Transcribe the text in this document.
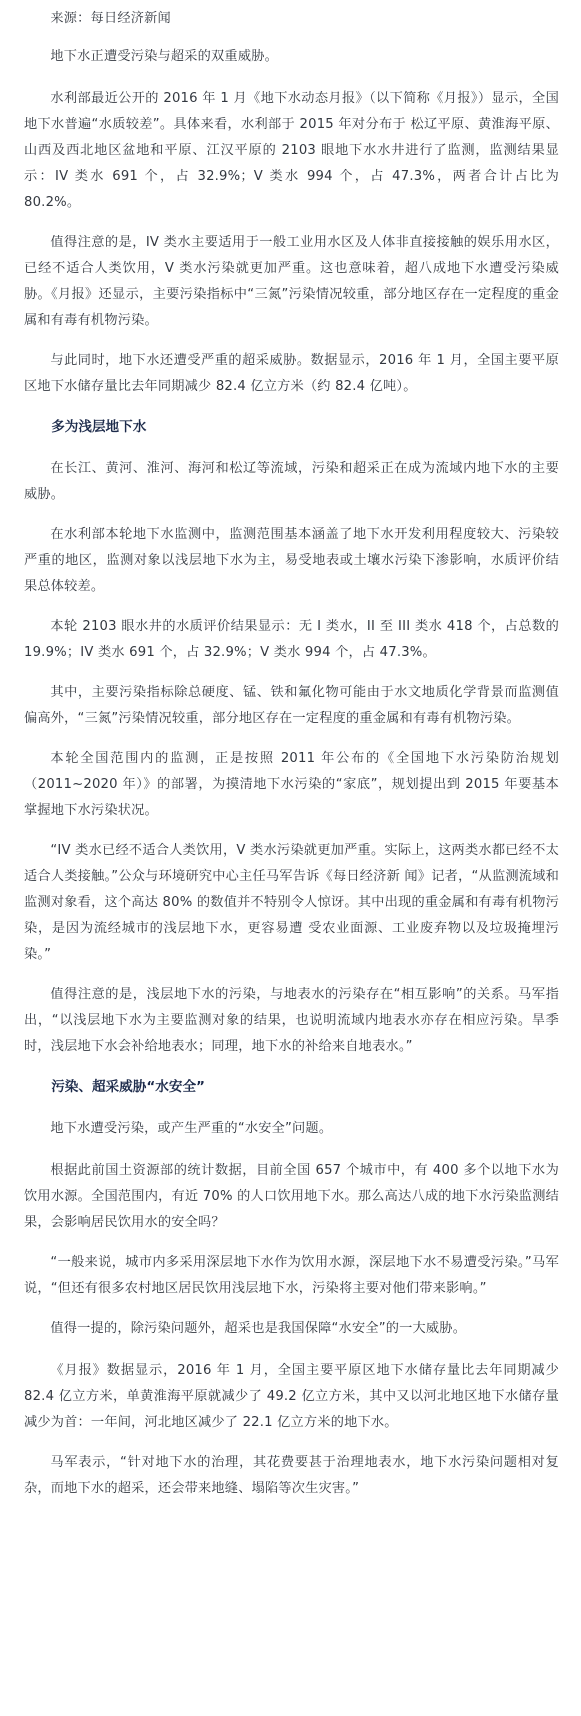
来源：每日经济新闻

地下水正遭受污染与超采的双重威胁。

水利部最近公开的 2016 年 1 月《地下水动态月报》（以下简称《月报》）显示，全国地下水普遍“水质较差”。具体来看，水利部于 2015 年对分布于 松辽平原、黄淮海平原、山西及西北地区盆地和平原、江汉平原的 2103 眼地下水水井进行了监测，监测结果显示：IV 类水 691 个，占 32.9%；V 类水 994 个，占 47.3%，两者合计占比为 80.2%。

值得注意的是，IV 类水主要适用于一般工业用水区及人体非直接接触的娱乐用水区，已经不适合人类饮用，V 类水污染就更加严重。这也意味着，超八成地下水遭受污染威胁。《月报》还显示，主要污染指标中“三氮”污染情况较重，部分地区存在一定程度的重金属和有毒有机物污染。

与此同时，地下水还遭受严重的超采威胁。数据显示，2016 年 1 月，全国主要平原区地下水储存量比去年同期减少 82.4 亿立方米（约 82.4 亿吨）。

多为浅层地下水

在长江、黄河、淮河、海河和松辽等流域，污染和超采正在成为流域内地下水的主要威胁。

在水利部本轮地下水监测中，监测范围基本涵盖了地下水开发利用程度较大、污染较严重的地区，监测对象以浅层地下水为主，易受地表或土壤水污染下渗影响，水质评价结果总体较差。

本轮 2103 眼水井的水质评价结果显示：无 I 类水，II 至 III 类水 418 个，占总数的 19.9%；IV 类水 691 个，占 32.9%；V 类水 994 个，占 47.3%。

其中，主要污染指标除总硬度、锰、铁和氟化物可能由于水文地质化学背景而监测值偏高外，“三氮”污染情况较重，部分地区存在一定程度的重金属和有毒有机物污染。

本轮全国范围内的监测，正是按照 2011 年公布的《全国地下水污染防治规划（2011~2020 年）》的部署，为摸清地下水污染的“家底”，规划提出到 2015 年要基本掌握地下水污染状况。

“IV 类水已经不适合人类饮用，V 类水污染就更加严重。实际上，这两类水都已经不太适合人类接触。”公众与环境研究中心主任马军告诉《每日经济新 闻》记者，“从监测流域和监测对象看，这个高达 80% 的数值并不特别令人惊讶。其中出现的重金属和有毒有机物污染，是因为流经城市的浅层地下水，更容易遭 受农业面源、工业废弃物以及垃圾掩埋污染。”

值得注意的是，浅层地下水的污染，与地表水的污染存在“相互影响”的关系。马军指出，“以浅层地下水为主要监测对象的结果，也说明流域内地表水亦存在相应污染。旱季时，浅层地下水会补给地表水；同理，地下水的补给来自地表水。”

污染、超采威胁“水安全”

地下水遭受污染，或产生严重的“水安全”问题。

根据此前国土资源部的统计数据，目前全国 657 个城市中，有 400 多个以地下水为饮用水源。全国范围内，有近 70% 的人口饮用地下水。那么高达八成的地下水污染监测结果，会影响居民饮用水的安全吗？

“一般来说，城市内多采用深层地下水作为饮用水源，深层地下水不易遭受污染。”马军说，“但还有很多农村地区居民饮用浅层地下水，污染将主要对他们带来影响。”

值得一提的，除污染问题外，超采也是我国保障“水安全”的一大威胁。

《月报》数据显示，2016 年 1 月，全国主要平原区地下水储存量比去年同期减少 82.4 亿立方米，单黄淮海平原就减少了 49.2 亿立方米，其中又以河北地区地下水储存量减少为首：一年间，河北地区减少了 22.1 亿立方米的地下水。

马军表示，“针对地下水的治理，其花费要甚于治理地表水，地下水污染问题相对复杂，而地下水的超采，还会带来地缝、塌陷等次生灾害。”
